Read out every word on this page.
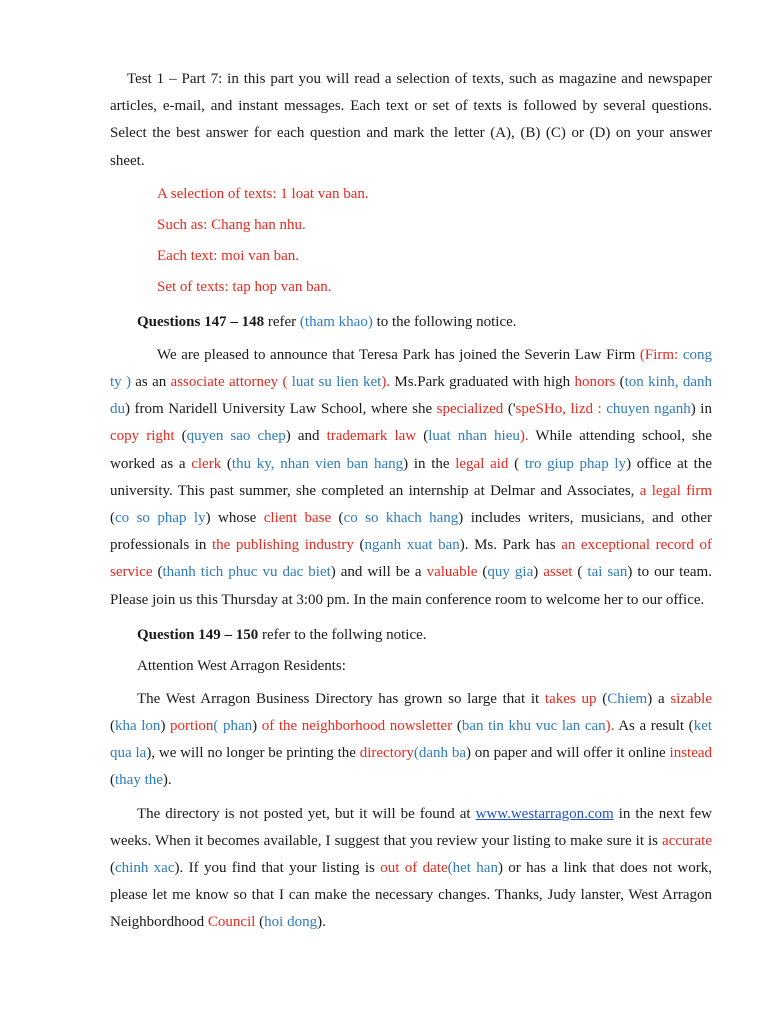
Test 1 – Part 7: in this part you will read a selection of texts, such as magazine and newspaper articles, e-mail, and instant messages. Each text or set of texts is followed by several questions. Select the best answer for each question and mark the letter (A), (B) (C) or (D) on your answer sheet.

A selection of texts: 1 loat van ban.

Such as: Chang han nhu.

Each text: moi van ban.

Set of texts: tap hop van ban.

Questions 147 – 148 refer (tham khao) to the following notice.

We are pleased to announce that Teresa Park has joined the Severin Law Firm (Firm: cong ty ) as an associate attorney ( luat su lien ket). Ms.Park graduated with high honors (ton kinh, danh du) from Naridell University Law School, where she specialized ('speSHo, lizd : chuyen nganh) in copy right (quyen sao chep) and trademark law (luat nhan hieu). While attending school, she worked as a clerk (thu ky, nhan vien ban hang) in the legal aid ( tro giup phap ly) office at the university. This past summer, she completed an internship at Delmar and Associates, a legal firm (co so phap ly) whose client base (co so khach hang) includes writers, musicians, and other professionals in the publishing industry (nganh xuat ban). Ms. Park has an exceptional record of service (thanh tich phuc vu dac biet) and will be a valuable (quy gia) asset ( tai san) to our team. Please join us this Thursday at 3:00 pm. In the main conference room to welcome her to our office.

Question 149 – 150 refer to the follwing notice.

Attention West Arragon Residents:

The West Arragon Business Directory has grown so large that it takes up (Chiem) a sizable (kha lon) portion( phan) of the neighborhood nowsletter (ban tin khu vuc lan can). As a result (ket qua la), we will no longer be printing the directory(danh ba) on paper and will offer it online instead (thay the).

The directory is not posted yet, but it will be found at www.westarragon.com in the next few weeks. When it becomes available, I suggest that you review your listing to make sure it is accurate (chinh xac). If you find that your listing is out of date(het han) or has a link that does not work, please let me know so that I can make the necessary changes. Thanks, Judy lanster, West Arragon Neighbordhood Council (hoi dong).
